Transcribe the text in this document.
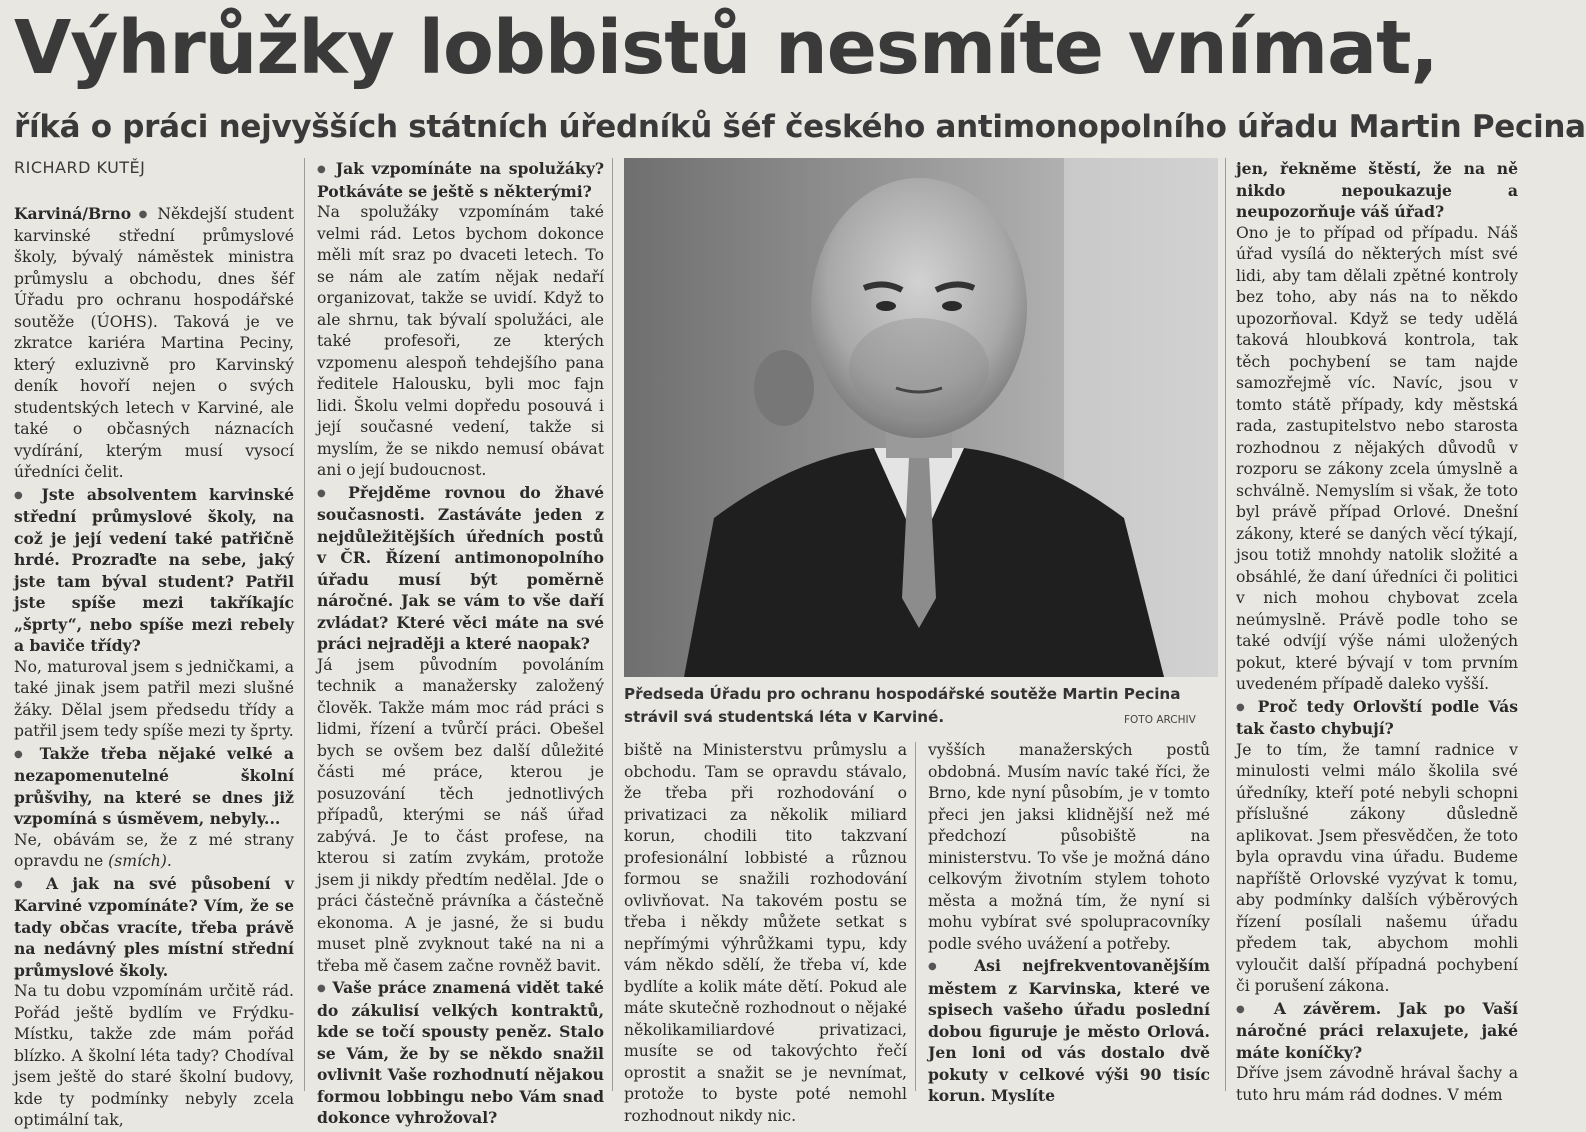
Výhrůžky lobbistů nesmíte vnímat,
říká o práci nejvyšších státních úředníků šéf českého antimonopolního úřadu Martin Pecina
RICHARD KUTĚJ

Karviná/Brno ● Někdejší student karvinské střední průmyslové školy, bývalý náměstek ministra průmyslu a obchodu, dnes šéf Úřadu pro ochranu hospodářské soutěže (ÚOHS). Taková je ve zkratce kariéra Martina Peciny, který exluzivně pro Karvinský deník hovoří nejen o svých studentských letech v Karviné, ale také o občasných náznacích vydírání, kterým musí vysocí úředníci čelit.

● Jste absolventem karvinské střední průmyslové školy, na což je její vedení také patřičně hrdé. Prozraďte na sebe, jaký jste tam býval student? Patřil jste spíše mezi takříkajíc „šprty“, nebo spíše mezi rebely a baviče třídy?

No, maturoval jsem s jedničkami, a také jinak jsem patřil mezi slušné žáky. Dělal jsem předsedu třídy a patřil jsem tedy spíše mezi ty šprty.

● Takže třeba nějaké velké a nezapomenutelné školní průšvihy, na které se dnes již vzpomíná s úsměvem, nebyly...

Ne, obávám se, že z mé strany opravdu ne (smích).

● A jak na své působení v Karviné vzpomínáte? Vím, že se tady občas vracíte, třeba právě na nedávný ples místní střední průmyslové školy.

Na tu dobu vzpomínám určitě rád. Pořád ještě bydlím ve Frýdku-Místku, takže zde mám pořád blízko. A školní léta tady? Chodíval jsem ještě do staré školní budovy, kde ty podmínky nebyly zcela optimální tak,

● Jak vzpomínáte na spolužáky? Potkáváte se ještě s některými?

Na spolužáky vzpomínám také velmi rád. Letos bychom dokonce měli mít sraz po dvaceti letech. To se nám ale zatím nějak nedaří organizovat, takže se uvidí. Když to ale shrnu, tak bývalí spolužáci, ale také profesoři, ze kterých vzpomenu alespoň tehdejšího pana ředitele Halousku, byli moc fajn lidi. Školu velmi dopředu posouvá i její současné vedení, takže si myslím, že se nikdo nemusí obávat ani o její budoucnost.

● Přejděme rovnou do žhavé současnosti. Zastáváte jeden z nejdůležitějších úředních postů v ČR. Řízení antimonopolního úřadu musí být poměrně náročné. Jak se vám to vše daří zvládat? Které věci máte na své práci nejraději a které naopak?

Já jsem původním povoláním technik a manažersky založený člověk. Takže mám moc rád práci s lidmi, řízení a tvůrčí práci. Obešel bych se ovšem bez další důležité části mé práce, kterou je posuzování těch jednotlivých případů, kterými se náš úřad zabývá. Je to část profese, na kterou si zatím zvykám, protože jsem ji nikdy předtím nedělal. Jde o práci částečně právníka a částečně ekonoma. A je jasné, že si budu muset plně zvyknout také na ni a třeba mě časem začne rovněž bavit.

● Vaše práce znamená vidět také do zákulisí velkých kontraktů, kde se točí spousty peněz. Stalo se Vám, že by se někdo snažil ovlivnit Vaše rozhodnutí nějakou formou lobbingu nebo Vám snad dokonce vyhrožoval?

Předseda Úřadu pro ochranu hospodářské soutěže Martin Pecina strávil svá studentská léta v Karviné.	FOTO ARCHIV

biště na Ministerstvu průmyslu a obchodu. Tam se opravdu stávalo, že třeba při rozhodování o privatizaci za několik miliard korun, chodili tito takzvaní profesionální lobbisté a různou formou se snažili rozhodování ovlivňovat. Na takovém postu se třeba i někdy můžete setkat s nepřímými výhrůžkami typu, kdy vám někdo sdělí, že třeba ví, kde bydlíte a kolik máte dětí. Pokud ale máte skutečně rozhodnout o nějaké několikamiliardové privatizaci, musíte se od takovýchto řečí oprostit a snažit se je nevnímat, protože to byste poté nemohl rozhodnout nikdy nic.

vyšších manažerských postů obdobná. Musím navíc také říci, že Brno, kde nyní působím, je v tomto přeci jen jaksi klidnější než mé předchozí působiště na ministerstvu. To vše je možná dáno celkovým životním stylem tohoto města a možná tím, že nyní si mohu vybírat své spolupracovníky podle svého uvážení a potřeby.

● Asi nejfrekventovanějším městem z Karvinska, které ve spisech vašeho úřadu poslední dobou figuruje je město Orlová. Jen loni od vás dostalo dvě pokuty v celkové výši 90 tisíc korun. Myslíte

jen, řekněme štěstí, že na ně nikdo nepoukazuje a neupozorňuje váš úřad?

Ono je to případ od případu. Náš úřad vysílá do některých míst své lidi, aby tam dělali zpětné kontroly bez toho, aby nás na to někdo upozorňoval. Když se tedy udělá taková hloubková kontrola, tak těch pochybení se tam najde samozřejmě víc. Navíc, jsou v tomto státě případy, kdy městská rada, zastupitelstvo nebo starosta rozhodnou z nějakých důvodů v rozporu se zákony zcela úmyslně a schválně. Nemyslím si však, že toto byl právě případ Orlové. Dnešní zákony, které se daných věcí týkají, jsou totiž mnohdy natolik složité a obsáhlé, že daní úředníci či politici v nich mohou chybovat zcela neúmyslně. Právě podle toho se také odvíjí výše námi uložených pokut, které bývají v tom prvním uvedeném případě daleko vyšší.

● Proč tedy Orlovští podle Vás tak často chybují?

Je to tím, že tamní radnice v minulosti velmi málo školila své úředníky, kteří poté nebyli schopni příslušné zákony důsledně aplikovat. Jsem přesvědčen, že toto byla opravdu vina úřadu. Budeme napříště Orlovské vyzývat k tomu, aby podmínky dalších výběrových řízení posílali našemu úřadu předem tak, abychom mohli vyloučit další případná pochybení či porušení zákona.

● A závěrem. Jak po Vaší náročné práci relaxujete, jaké máte koníčky?

Dříve jsem závodně hrával šachy a tuto hru mám rád dodnes. V mém
